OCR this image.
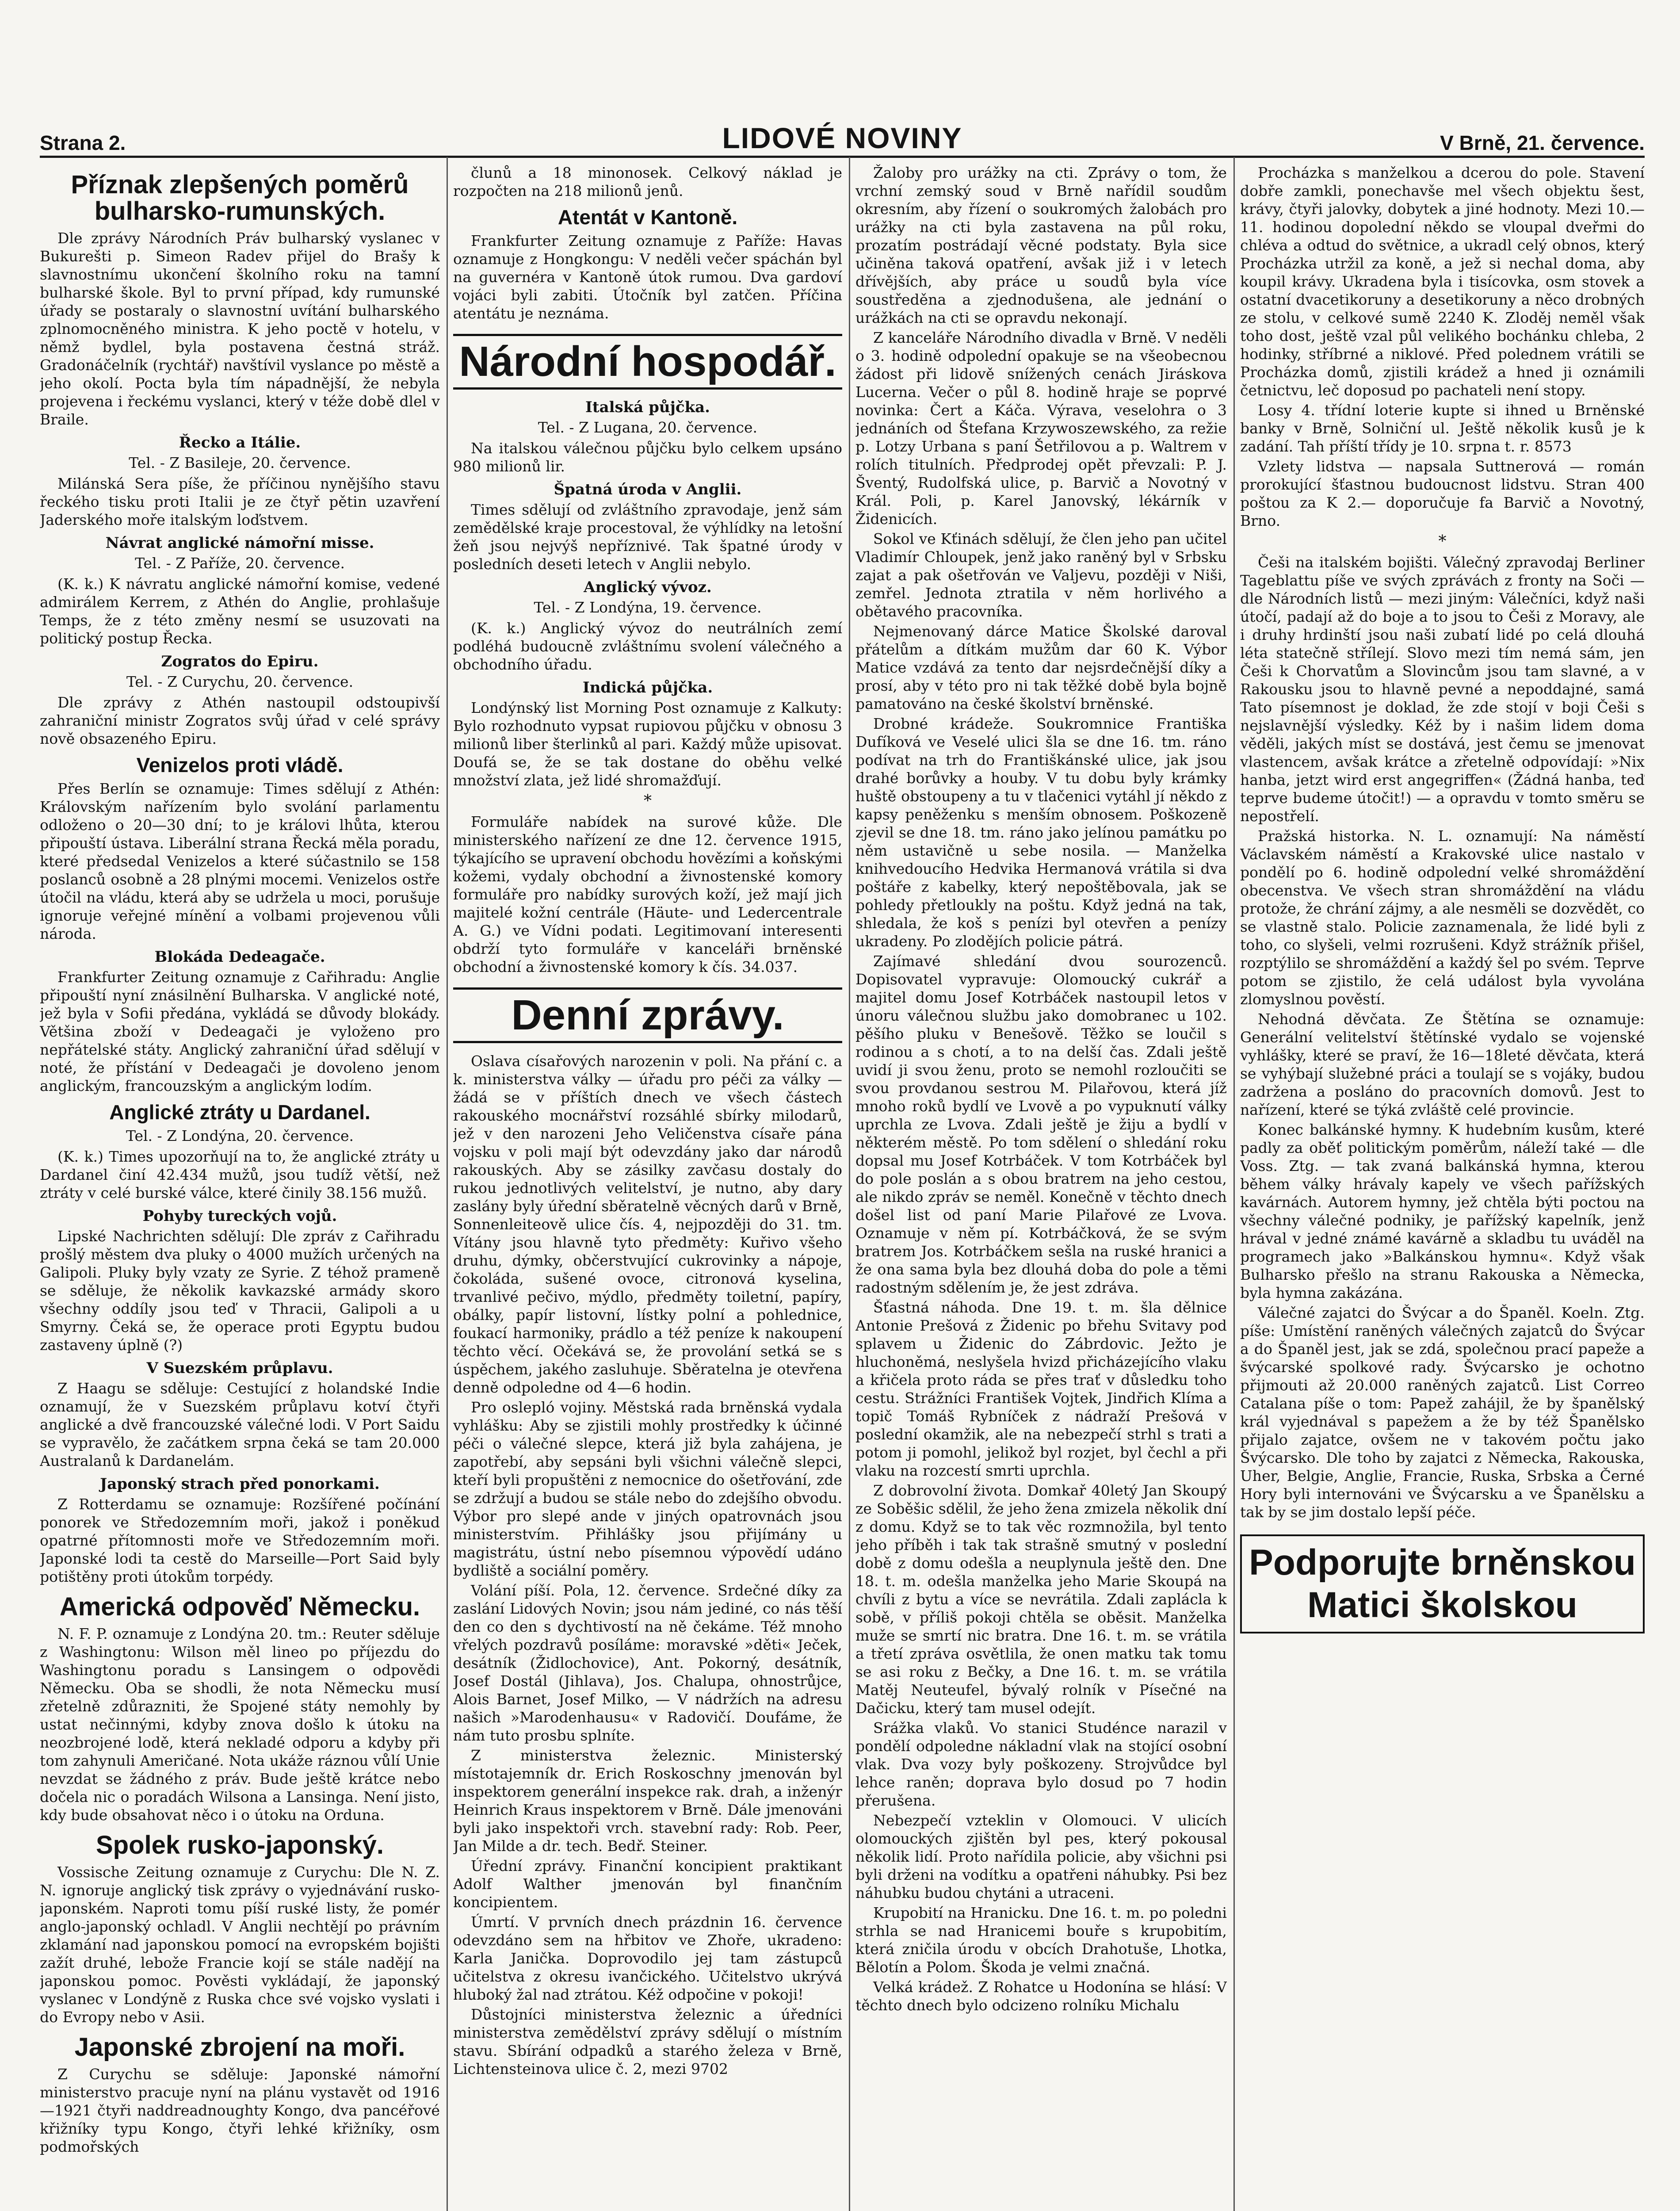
Strana 2.	LIDOVÉ NOVINY	V Brně, 21. července.
Příznak zlepšených poměrů bulharsko-rumunských.

Dle zprávy Národních Práv bulharský vyslanec v Bukurešti p. Simeon Radev přijel do Brašy k slavnostnímu ukončení školního roku na tamní bulharské škole. Byl to první případ, kdy rumunské úřady se postaraly o slavnostní uvítání bulharského zplnomocněného ministra. K jeho poctě v hotelu, v němž bydlel, byla postavena čestná stráž. Gradonáčelník (rychtář) navštívil vyslance po městě a jeho okolí. Pocta byla tím nápadnější, že nebyla projevena i řeckému vyslanci, který v téže době dlel v Braile.

Řecko a Itálie.
Tel. - Z Basileje, 20. července.

Milánská Sera píše, že příčinou nynějšího stavu řeckého tisku proti Italii je ze čtyř pětin uzavření Jaderského moře italským loďstvem.

Návrat anglické námořní misse.
Tel. - Z Paříže, 20. července.

(K. k.) K návratu anglické námořní komise, vedené admirálem Kerrem, z Athén do Anglie, prohlašuje Temps, že z této změny nesmí se usuzovati na politický postup Řecka.

Zogratos do Epiru.
Tel. - Z Curychu, 20. července.

Dle zprávy z Athén nastoupil odstoupivší zahraniční ministr Zogratos svůj úřad v celé správy nově obsazeného Epiru.

Venizelos proti vládě.

Přes Berlín se oznamuje: Times sdělují z Athén: Královským nařízením bylo svolání parlamentu odloženo o 20—30 dní; to je královi lhůta, kterou připouští ústava. Liberální strana Řecká měla poradu, které předsedal Venizelos a které súčastnilo se 158 poslanců osobně a 28 plnými mocemi. Venizelos ostře útočil na vládu, která aby se udržela u moci, porušuje ignoruje veřejné mínění a volbami projevenou vůli národa.

Blokáda Dedeagače.

Frankfurter Zeitung oznamuje z Cařihradu: Anglie připouští nyní znásilnění Bulharska. V anglické noté, jež byla v Sofii předána, vykládá se důvody blokády. Většina zboží v Dedeagači je vyloženo pro nepřátelské státy. Anglický zahraniční úřad sdělují v noté, že přístání v Dedeagači je dovoleno jenom anglickým, francouzským a anglickým lodím.

Anglické ztráty u Dardanel.
Tel. - Z Londýna, 20. července.

(K. k.) Times upozorňují na to, že anglické ztráty u Dardanel činí 42.434 mužů, jsou tudíž větší, než ztráty v celé burské válce, které činily 38.156 mužů.

Pohyby tureckých vojů.

Lipské Nachrichten sdělují: Dle zpráv z Cařihradu prošlý městem dva pluky o 4000 mužích určených na Galipoli. Pluky byly vzaty ze Syrie. Z téhož prameně se sděluje, že několik kavkazské armády skoro všechny oddíly jsou teď v Thracii, Galipoli a u Smyrny. Čeká se, že operace proti Egyptu budou zastaveny úplně (?)

V Suezském průplavu.

Z Haagu se sděluje: Cestující z holandské Indie oznamují, že v Suezském průplavu kotví čtyři anglické a dvě francouzské válečné lodi. V Port Saidu se vypravělo, že začátkem srpna čeká se tam 20.000 Australanů k Dardanelám.

Japonský strach před ponorkami.

Z Rotterdamu se oznamuje: Rozšířené počínání ponorek ve Středozemním moři, jakož i poněkud opatrné přítomnosti moře ve Středozemním moři. Japonské lodi ta cestě do Marseille—Port Said byly potištěny proti útokům torpédy.

Americká odpověď Německu.

N. F. P. oznamuje z Londýna 20. tm.: Reuter sděluje z Washingtonu: Wilson měl lineo po příjezdu do Washingtonu poradu s Lansingem o odpovědi Německu. Oba se shodli, že nota Německu musí zřetelně zdůrazniti, že Spojené státy nemohly by ustat nečinnými, kdyby znova došlo k útoku na neozbrojené lodě, která nekladé odporu a kdyby při tom zahynuli Američané. Nota ukáže ráznou vůlí Unie nevzdat se žádného z práv. Bude ještě krátce nebo dočela nic o poradách Wilsona a Lansinga. Není jisto, kdy bude obsahovat něco i o útoku na Orduna.

Spolek rusko-japonský.

Vossische Zeitung oznamuje z Curychu: Dle N. Z. N. ignoruje anglický tisk zprávy o vyjednávání rusko-japonském. Naproti tomu píší ruské listy, že pomér anglo-japonský ochladl. V Anglii nechtějí po právním zklamání nad japonskou pomocí na evropském bojišti zažít druhé, lebože Francie kojí se stále nadějí na japonskou pomoc. Pověsti vykládají, že japonský vyslanec v Londýně z Ruska chce své vojsko vyslati i do Evropy nebo v Asii.

Japonské zbrojení na moři.

Z Curychu se sděluje: Japonské námořní ministerstvo pracuje nyní na plánu vystavět od 1916—1921 čtyři naddreadnoughty Kongo, dva pancéřové křižníky typu Kongo, čtyři lehké křižníky, osm podmořských

člunů a 18 minonosek. Celkový náklad je rozpočten na 218 milionů jenů.

Atentát v Kantoně.

Frankfurter Zeitung oznamuje z Paříže: Havas oznamuje z Hongkongu: V neděli večer spáchán byl na guvernéra v Kantoně útok rumou. Dva gardoví vojáci byli zabiti. Útočník byl zatčen. Příčina atentátu je neznáma.

Národní hospodář.
Italská půjčka.
Tel. - Z Lugana, 20. července.

Na italskou válečnou půjčku bylo celkem upsáno 980 milionů lir.

Špatná úroda v Anglii.

Times sdělují od zvláštního zpravodaje, jenž sám zemědělské kraje procestoval, že výhlídky na letošní žeň jsou nejvýš nepříznivé. Tak špatné úrody v posledních deseti letech v Anglii nebylo.

Anglický vývoz.
Tel. - Z Londýna, 19. července.

(K. k.) Anglický vývoz do neutrálních zemí podléhá budoucně zvláštnímu svolení válečného a obchodního úřadu.

Indická půjčka.

Londýnský list Morning Post oznamuje z Kalkuty: Bylo rozhodnuto vypsat rupiovou půjčku v obnosu 3 milionů liber šterlinků al pari. Každý může upisovat. Doufá se, že se tak dostane do oběhu velké množství zlata, jež lidé shromažďují.

*

Formuláře nabídek na surové kůže. Dle ministerského nařízení ze dne 12. července 1915, týkajícího se upravení obchodu hovězími a koňskými kožemi, vydaly obchodní a živnostenské komory formuláře pro nabídky surových koží, jež mají jich majitelé kožní centrále (Häute- und Ledercentrale A. G.) ve Vídni podati. Legitimovaní interesenti obdrží tyto formuláře v kanceláři brněnské obchodní a živnostenské komory k čís. 34.037.

Denní zprávy.

Oslava císařových narozenin v poli. Na přání c. a k. ministerstva války — úřadu pro péči za války — žádá se v příštích dnech ve všech částech rakouského mocnářství rozsáhlé sbírky milodarů, jež v den narozeni Jeho Veličenstva císaře pána vojsku v poli mají být odevzdány jako dar národů rakouských. Aby se zásilky zavčasu dostaly do rukou jednotlivých velitelství, je nutno, aby dary zaslány byly úřední sběratelně věcných darů v Brně, Sonnenleiteově ulice čís. 4, nejpozději do 31. tm. Vítány jsou hlavně tyto předměty: Kuřivo všeho druhu, dýmky, občerstvující cukrovinky a nápoje, čokoláda, sušené ovoce, citronová kyselina, trvanlivé pečivo, mýdlo, předměty toiletní, papíry, obálky, papír listovní, lístky polní a pohlednice, foukací harmoniky, prádlo a též peníze k nakoupení těchto věcí. Očekává se, že provolání setká se s úspěchem, jakého zasluhuje. Sběratelna je otevřena denně odpoledne od 4—6 hodin.

Pro oslepló vojiny. Městská rada brněnská vydala vyhlášku: Aby se zjistili mohly prostředky k účinné péči o válečné slepce, která již byla zahájena, je zapotřebí, aby sepsáni byli všichni válečně slepci, kteří byli propuštěni z nemocnice do ošetřování, zde se zdržují a budou se stále nebo do zdejšího obvodu. Výbor pro slepé ande v jiných opatrovnách jsou ministerstvím. Přihlášky jsou přijímány u magistrátu, ústní nebo písemnou výpovědí udáno bydliště a sociální poměry.

Volání píší. Pola, 12. července. Srdečné díky za zaslání Lidových Novin; jsou nám jediné, co nás těší den co den s dychtivostí na ně čekáme. Též mnoho vřelých pozdravů posíláme: moravské »děti« Ječek, desátník (Židlochovice), Ant. Pokorný, desátník, Josef Dostál (Jihlava), Jos. Chalupa, ohnostrůjce, Alois Barnet, Josef Milko, — V nádržích na adresu našich »Marodenhausu« v Radovičí. Doufáme, že nám tuto prosbu splníte.

Z ministerstva železnic. Ministerský místotajemník dr. Erich Roskoschny jmenován byl inspektorem generální inspekce rak. drah, a inženýr Heinrich Kraus inspektorem v Brně. Dále jmenováni byli jako inspektoři vrch. stavební rady: Rob. Peer, Jan Milde a dr. tech. Bedř. Steiner.

Úřední zprávy. Finanční koncipient praktikant Adolf Walther jmenován byl finančním koncipientem.

Úmrtí. V prvních dnech prázdnin 16. července odevzdáno sem na hřbitov ve Zhoře, ukradeno: Karla Janička. Doprovodilo jej tam zástupců učitelstva z okresu ivančického. Učitelstvo ukrývá hluboký žal nad ztrátou. Kéž odpočine v pokoji!

Důstojníci ministerstva železnic a úředníci ministerstva zemědělství zprávy sdělují o místním stavu. Sbírání odpadků a starého železa v Brně, Lichtensteinova ulice č. 2, mezi 9702

Žaloby pro urážky na cti. Zprávy o tom, že vrchní zemský soud v Brně nařídil soudům okresním, aby řízení o soukromých žalobách pro urážky na cti byla zastavena na půl roku, prozatím postrádají věcné podstaty. Byla sice učiněna taková opatření, avšak již i v letech dřívějších, aby práce u soudů byla více soustředěna a zjednodušena, ale jednání o urážkách na cti se opravdu nekonají.

Z kanceláře Národního divadla v Brně. V neděli o 3. hodině odpolední opakuje se na všeobecnou žádost při lidově snížených cenách Jiráskova Lucerna. Večer o půl 8. hodině hraje se poprvé novinka: Čert a Káča. Výrava, veselohra o 3 jednáních od Štefana Krzywoszewského, za režie p. Lotzy Urbana s paní Šetřilovou a p. Waltrem v rolích titulních. Předprodej opět převzali: P. J. Šventý, Rudolfská ulice, p. Barvič a Novotný v Král. Poli, p. Karel Janovský, lékárník v Židenicích.

Sokol ve Kťinách sdělují, že člen jeho pan učitel Vladimír Chloupek, jenž jako raněný byl v Srbsku zajat a pak ošetřován ve Valjevu, později v Niši, zemřel. Jednota ztratila v něm horlivého a obětavého pracovníka.

Nejmenovaný dárce Matice Školské daroval přátelům a dítkám mužům dar 60 K. Výbor Matice vzdává za tento dar nejsrdečnější díky a prosí, aby v této pro ni tak těžké době byla bojně pamatováno na české školství brněnské.

Drobné krádeže. Soukromnice Františka Dufíková ve Veselé ulici šla se dne 16. tm. ráno podívat na trh do Františkánské ulice, jak jsou drahé borůvky a houby. V tu dobu byly krámky huště obstoupeny a tu v tlačenici vytáhl jí někdo z kapsy peněženku s menším obnosem. Poškozeně zjevil se dne 18. tm. ráno jako jelínou památku po něm ustavičně u sebe nosila. — Manželka knihvedoucího Hedvika Hermanová vrátila si dva poštáře z kabelky, který nepoštěbovala, jak se pohledy přetloukly na poštu. Když jedná na tak, shledala, že koš s penízi byl otevřen a penízy ukradeny. Po zlodějích policie pátrá.

Zajímavé shledání dvou sourozenců. Dopisovatel vypravuje: Olomoucký cukrář a majitel domu Josef Kotrbáček nastoupil letos v únoru válečnou službu jako domobranec u 102. pěšího pluku v Benešově. Těžko se loučil s rodinou a s chotí, a to na delší čas. Zdali ještě uvidí ji svou ženu, proto se nemohl rozloučiti se svou provdanou sestrou M. Pilařovou, která jíž mnoho roků bydlí ve Lvově a po vypuknutí války uprchla ze Lvova. Zdali ještě je žiju a bydlí v některém městě. Po tom sdělení o shledání roku dopsal mu Josef Kotrbáček. V tom Kotrbáček byl do pole poslán a s obou bratrem na jeho cestou, ale nikdo zpráv se neměl. Konečně v těchto dnech došel list od paní Marie Pilařové ze Lvova. Oznamuje v něm pí. Kotrbáčková, že se svým bratrem Jos. Kotrbáčkem sešla na ruské hranici a že ona sama byla bez dlouhá doba do pole a těmi radostným sdělením je, že jest zdráva.

Šťastná náhoda. Dne 19. t. m. šla dělnice Antonie Prešová z Židenic po břehu Svitavy pod splavem u Židenic do Zábrdovic. Ježto je hluchoněmá, neslyšela hvizd přicházejícího vlaku a křičela proto ráda se přes trať v důsledku toho cestu. Strážníci František Vojtek, Jindřich Klíma a topič Tomáš Rybníček z nádraží Prešová v poslední okamžik, ale na nebezpečí strhl s trati a potom ji pomohl, jelikož byl rozjet, byl čechl a při vlaku na rozcestí smrti uprchla.

Z dobrovolní života. Domkař 40letý Jan Skoupý ze Soběšic sdělil, že jeho žena zmizela několik dní z domu. Když se to tak věc rozmnožila, byl tento jeho příběh i tak tak strašně smutný v poslední době z domu odešla a neuplynula ještě den. Dne 18. t. m. odešla manželka jeho Marie Skoupá na chvíli z bytu a více se nevrátila. Zdali zaplácla k sobě, v příliš pokoji chtěla se oběsit. Manželka muže se smrtí nic bratra. Dne 16. t. m. se vrátila a třetí zpráva osvětlila, že onen matku tak tomu se asi roku z Bečky, a Dne 16. t. m. se vrátila Matěj Neuteufel, bývalý rolník v Písečné na Dačicku, který tam musel odejít.

Srážka vlaků. Vo stanici Studénce narazil v pondělí odpoledne nákladní vlak na stojící osobní vlak. Dva vozy byly poškozeny. Strojvůdce byl lehce raněn; doprava bylo dosud po 7 hodin přerušena.

Nebezpečí vzteklin v Olomouci. V ulicích olomouckých zjištěn byl pes, který pokousal několik lidí. Proto nařídila policie, aby všichni psi byli drženi na vodítku a opatřeni náhubky. Psi bez náhubku budou chytáni a utraceni.

Krupobití na Hranicku. Dne 16. t. m. po poledni strhla se nad Hranicemi bouře s krupobitím, která zničila úrodu v obcích Drahotuše, Lhotka, Bělotín a Polom. Škoda je velmi značná.

Velká krádež. Z Rohatce u Hodonína se hlásí: V těchto dnech bylo odcizeno rolníku Michalu

Procházka s manželkou a dcerou do pole. Stavení dobře zamkli, ponechavše mel všech objektu šest, krávy, čtyři jalovky, dobytek a jiné hodnoty. Mezi 10.—11. hodinou dopolední někdo se vloupal dveřmi do chléva a odtud do světnice, a ukradl celý obnos, který Procházka utržil za koně, a jež si nechal doma, aby koupil krávy. Ukradena byla i tisícovka, osm stovek a ostatní dvacetikoruny a desetikoruny a něco drobných ze stolu, v celkové sumě 2240 K. Zloděj neměl však toho dost, ještě vzal půl velikého bochánku chleba, 2 hodinky, stříbrné a niklové. Před polednem vrátili se Procházka domů, zjistili krádež a hned ji oznámili četnictvu, leč doposud po pachateli není stopy.

Losy 4. třídní loterie kupte si ihned u Brněnské banky v Brně, Solniční ul. Ještě několik kusů je k zadání. Tah příští třídy je 10. srpna t. r. 8573

Vzlety lidstva — napsala Suttnerová — román prorokující šťastnou budoucnost lidstvu. Stran 400 poštou za K 2.— doporučuje fa Barvič a Novotný, Brno.

*

Češi na italském bojišti. Válečný zpravodaj Berliner Tageblattu píše ve svých zprávách z fronty na Soči — dle Národních listů — mezi jiným: Válečníci, když naši útočí, padají až do boje a to jsou to Češi z Moravy, ale i druhy hrdinští jsou naši zubatí lidé po celá dlouhá léta statečně střílejí. Slovo mezi tím nemá sám, jen Češi k Chorvatům a Slovincům jsou tam slavné, a v Rakousku jsou to hlavně pevné a nepoddajné, samá Tato písemnost je doklad, že zde stojí v boji Češi s nejslavnější výsledky. Kéž by i našim lidem doma věděli, jakých míst se dostává, jest čemu se jmenovat vlastencem, avšak krátce a zřetelně odpovídají: »Nix hanba, jetzt wird erst angegriffen« (Žádná hanba, teď teprve budeme útočit!) — a opravdu v tomto směru se nepostřelí.

Pražská historka. N. L. oznamují: Na náměstí Václavském náměstí a Krakovské ulice nastalo v pondělí po 6. hodině odpolední velké shromáždění obecenstva. Ve všech stran shromáždění na vládu protože, že chrání zájmy, a ale nesměli se dozvědět, co se vlastně stalo. Policie zaznamenala, že lidé byli z toho, co slyšeli, velmi rozrušeni. Když strážník přišel, rozptýlilo se shromáždění a každý šel po svém. Teprve potom se zjistilo, že celá událost byla vyvolána zlomyslnou pověstí.

Nehodná děvčata. Ze Štětína se oznamuje: Generální velitelství štětínské vydalo se vojenské vyhlášky, které se praví, že 16—18leté děvčata, která se vyhýbají služebné práci a toulají se s vojáky, budou zadržena a posláno do pracovních domovů. Jest to nařízení, které se týká zvláště celé provincie.

Konec balkánské hymny. K hudebním kusům, které padly za oběť politickým poměrům, náleží také — dle Voss. Ztg. — tak zvaná balkánská hymna, kterou během války hrávaly kapely ve všech pařížských kavárnách. Autorem hymny, jež chtěla býti poctou na všechny válečné podniky, je pařížský kapelník, jenž hrával v jedné známé kavárně a skladbu tu uváděl na programech jako »Balkánskou hymnu«. Když však Bulharsko přešlo na stranu Rakouska a Německa, byla hymna zakázána.

Válečné zajatci do Švýcar a do Španěl. Koeln. Ztg. píše: Umístění raněných válečných zajatců do Švýcar a do Španěl jest, jak se zdá, společnou prací papeže a švýcarské spolkové rady. Švýcarsko je ochotno přijmouti až 20.000 raněných zajatců. List Correo Catalana píše o tom: Papež zahájil, že by španělský král vyjednával s papežem a že by též Španělsko přijalo zajatce, ovšem ne v takovém počtu jako Švýcarsko. Dle toho by zajatci z Německa, Rakouska, Uher, Belgie, Anglie, Francie, Ruska, Srbska a Černé Hory byli internováni ve Švýcarsku a ve Španělsku a tak by se jim dostalo lepší péče.

Podporujte brněnskou Matici školskou
